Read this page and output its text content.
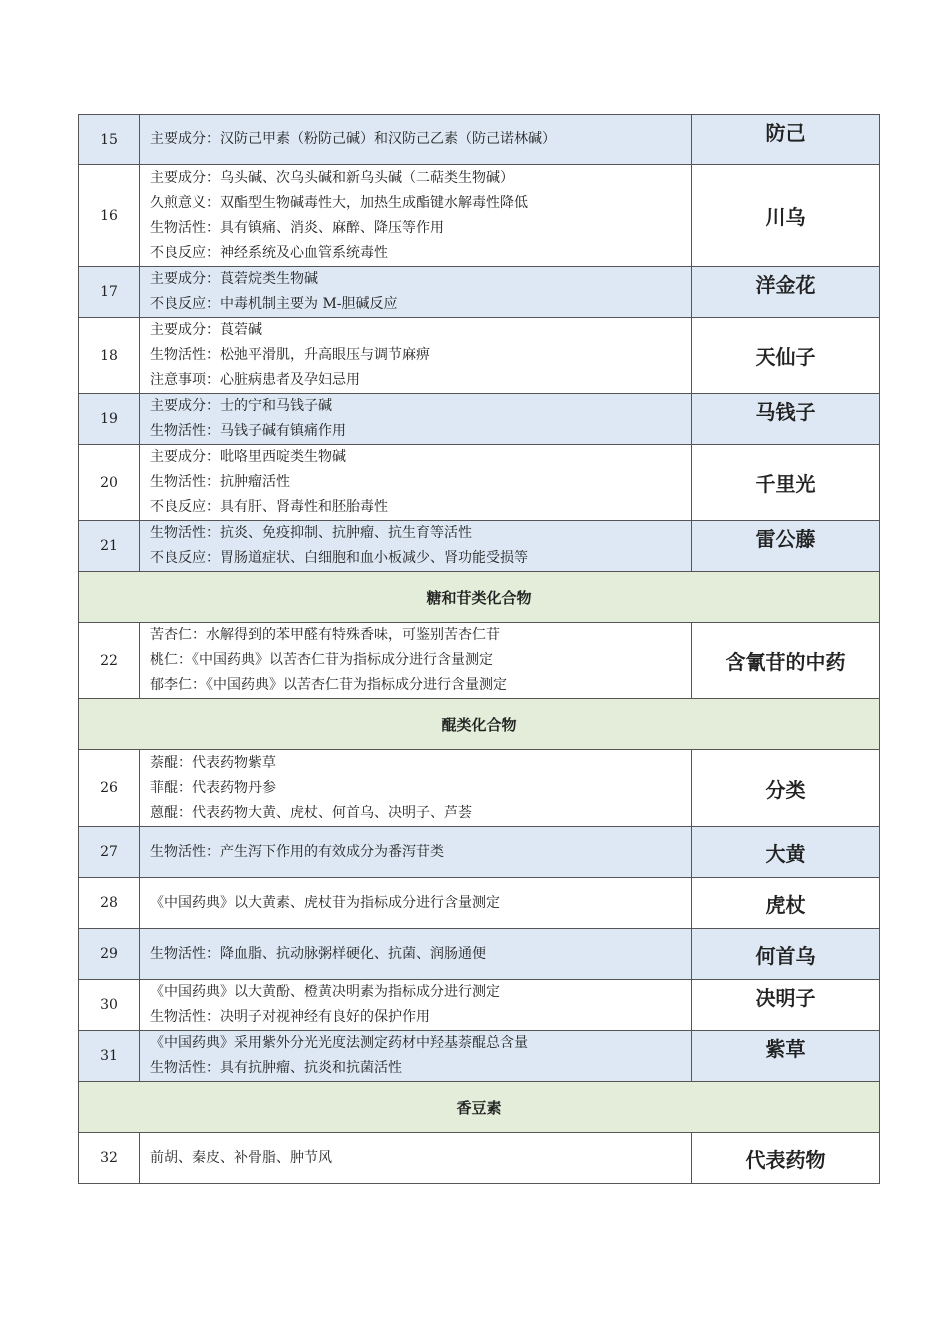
15	主要成分：汉防己甲素（粉防己碱）和汉防己乙素（防己诺林碱）	防己
16	主要成分：乌头碱、次乌头碱和新乌头碱（二萜类生物碱）
久煎意义：双酯型生物碱毒性大，加热生成酯键水解毒性降低
生物活性：具有镇痛、消炎、麻醉、降压等作用
不良反应：神经系统及心血管系统毒性	川乌
17	主要成分：莨菪烷类生物碱
不良反应：中毒机制主要为 M-胆碱反应	洋金花
18	主要成分：莨菪碱
生物活性：松弛平滑肌，升高眼压与调节麻痹
注意事项：心脏病患者及孕妇忌用	天仙子
19	主要成分：士的宁和马钱子碱
生物活性：马钱子碱有镇痛作用	马钱子
20	主要成分：吡咯里西啶类生物碱
生物活性：抗肿瘤活性
不良反应：具有肝、肾毒性和胚胎毒性	千里光
21	生物活性：抗炎、免疫抑制、抗肿瘤、抗生育等活性
不良反应：胃肠道症状、白细胞和血小板减少、肾功能受损等	雷公藤
糖和苷类化合物		
22	苦杏仁：水解得到的苯甲醛有特殊香味，可鉴别苦杏仁苷
桃仁：《中国药典》以苦杏仁苷为指标成分进行含量测定
郁李仁：《中国药典》以苦杏仁苷为指标成分进行含量测定	含氰苷的中药
醌类化合物		
26	萘醌：代表药物紫草
菲醌：代表药物丹参
蒽醌：代表药物大黄、虎杖、何首乌、决明子、芦荟	分类
27	生物活性：产生泻下作用的有效成分为番泻苷类	大黄
28	《中国药典》以大黄素、虎杖苷为指标成分进行含量测定	虎杖
29	生物活性：降血脂、抗动脉粥样硬化、抗菌、润肠通便	何首乌
30	《中国药典》以大黄酚、橙黄决明素为指标成分进行测定
生物活性：决明子对视神经有良好的保护作用	决明子
31	《中国药典》采用紫外分光光度法测定药材中羟基萘醌总含量
生物活性：具有抗肿瘤、抗炎和抗菌活性	紫草
香豆素		
32	前胡、秦皮、补骨脂、肿节风	代表药物
